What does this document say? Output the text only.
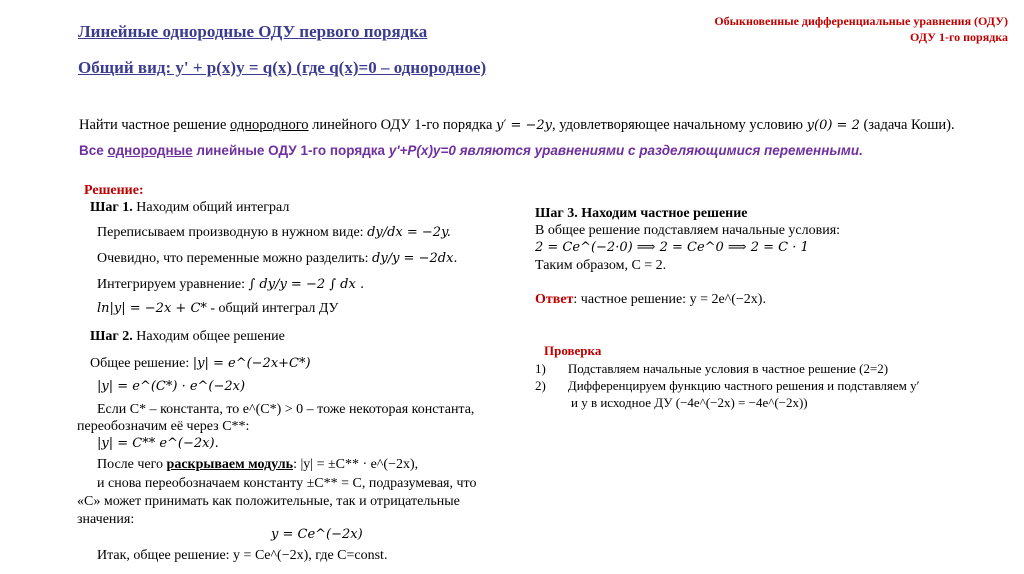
Линейные однородные ОДУ первого порядка
Общий вид: y' + p(x)y = q(x) (где q(x)=0 – однородное)
Обыкновенные дифференциальные уравнения (ОДУ)
ОДУ 1-го порядка
Найти частное решение однородного линейного ОДУ 1-го порядка y′ = −2y, удовлетворяющее начальному условию y(0) = 2 (задача Коши).
Все однородные линейные ОДУ 1-го порядка y'+P(x)y=0 являются уравнениями с разделяющимися переменными.
Решение:
Шаг 1. Находим общий интеграл
Переписываем производную в нужном виде: dy/dx = −2y.
Очевидно, что переменные можно разделить: dy/y = −2dx.
Интегрируем уравнение: ∫ dy/y = −2 ∫ dx .
ln|y| = −2x + C* - общий интеграл ДУ
Шаг 2. Находим общее решение
Общее решение: |y| = e^(−2x+C*)
|y| = e^(C*) · e^(−2x)
Если C* – константа, то e^(C*) > 0 – тоже некоторая константа,
переобозначим её через C**:
|y| = C** e^(−2x).
После чего раскрываем модуль: |y| = ±C** · e^(−2x),
и снова переобозначаем константу ±C** = C, подразумевая, что
«C» может принимать как положительные, так и отрицательные
значения:
y = Ce^(−2x)
Итак, общее решение: y = Ce^(−2x), где C=const.
Шаг 3. Находим частное решение
В общее решение подставляем начальные условия:
2 = Ce^(−2·0) ⟹ 2 = Ce^0 ⟹ 2 = C · 1
Таким образом, C = 2.
Ответ: частное решение: y = 2e^(−2x).
Проверка
1) Подставляем начальные условия в частное решение (2=2)
2) Дифференцируем функцию частного решения и подставляем y′
и y в исходное ДУ (−4e^(−2x) = −4e^(−2x))
